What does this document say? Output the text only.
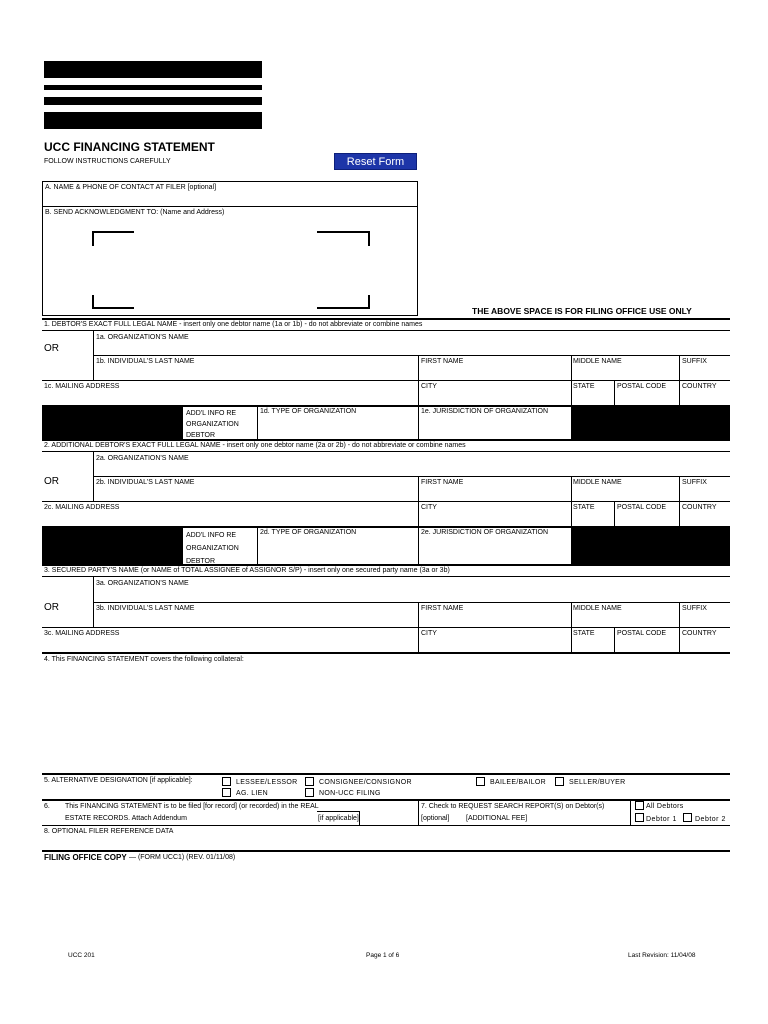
UCC FINANCING STATEMENT
FOLLOW INSTRUCTIONS CAREFULLY	Reset Form
A. NAME & PHONE OF CONTACT AT FILER [optional]
B. SEND ACKNOWLEDGMENT TO: (Name and Address)
THE ABOVE SPACE IS FOR FILING OFFICE USE ONLY
1. DEBTOR'S EXACT FULL LEGAL NAME - insert only one debtor name (1a or 1b) - do not abbreviate or combine names
OR
1a. ORGANIZATION'S NAME
1b. INDIVIDUAL'S LAST NAME	FIRST NAME	MIDDLE NAME	SUFFIX
1c. MAILING ADDRESS	CITY	STATE	POSTAL CODE COUNTRY
ADD'L INFO RE
ORGANIZATION
DEBTOR
1d. TYPE OF ORGANIZATION	1e. JURISDICTION OF ORGANIZATION
2. ADDITIONAL DEBTOR'S EXACT FULL LEGAL NAME - insert only one debtor name (2a or 2b) - do not abbreviate or combine names
OR
2a. ORGANIZATION'S NAME
2b. INDIVIDUAL'S LAST NAME	FIRST NAME	MIDDLE NAME	SUFFIX
2c. MAILING ADDRESS	CITY	STATE	POSTAL CODE COUNTRY
ADD'L INFO RE
ORGANIZATION
DEBTOR
2d. TYPE OF ORGANIZATION	2e. JURISDICTION OF ORGANIZATION
3. SECURED PARTY'S NAME (or NAME of TOTAL ASSIGNEE of ASSIGNOR S/P) - insert only one secured party name (3a or 3b)
OR
3a. ORGANIZATION'S NAME
3b. INDIVIDUAL'S LAST NAME	FIRST NAME	MIDDLE NAME	SUFFIX
3c. MAILING ADDRESS	CITY	STATE	POSTAL CODE COUNTRY
4. This FINANCING STATEMENT covers the following collateral:
5. ALTERNATIVE DESIGNATION [if applicable]:	LESSEE/LESSOR	CONSIGNEE/CONSIGNOR	BAILEE/BAILOR	SELLER/BUYER
AG. LIEN	NON-UCC FILING
6. This FINANCING STATEMENT is to be filed [for record] (or recorded) in the REAL
ESTATE RECORDS. Attach Addendum	[if applicable]
7. Check to REQUEST SEARCH REPORT(S) on Debtor(s)
[optional] [ADDITIONAL FEE]
All Debtors
Debtor 1	Debtor 2
8. OPTIONAL FILER REFERENCE DATA
FILING OFFICE COPY — (FORM UCC1) (REV. 01/11/08)
UCC 201	Page 1 of 6	Last Revision: 11/04/08
